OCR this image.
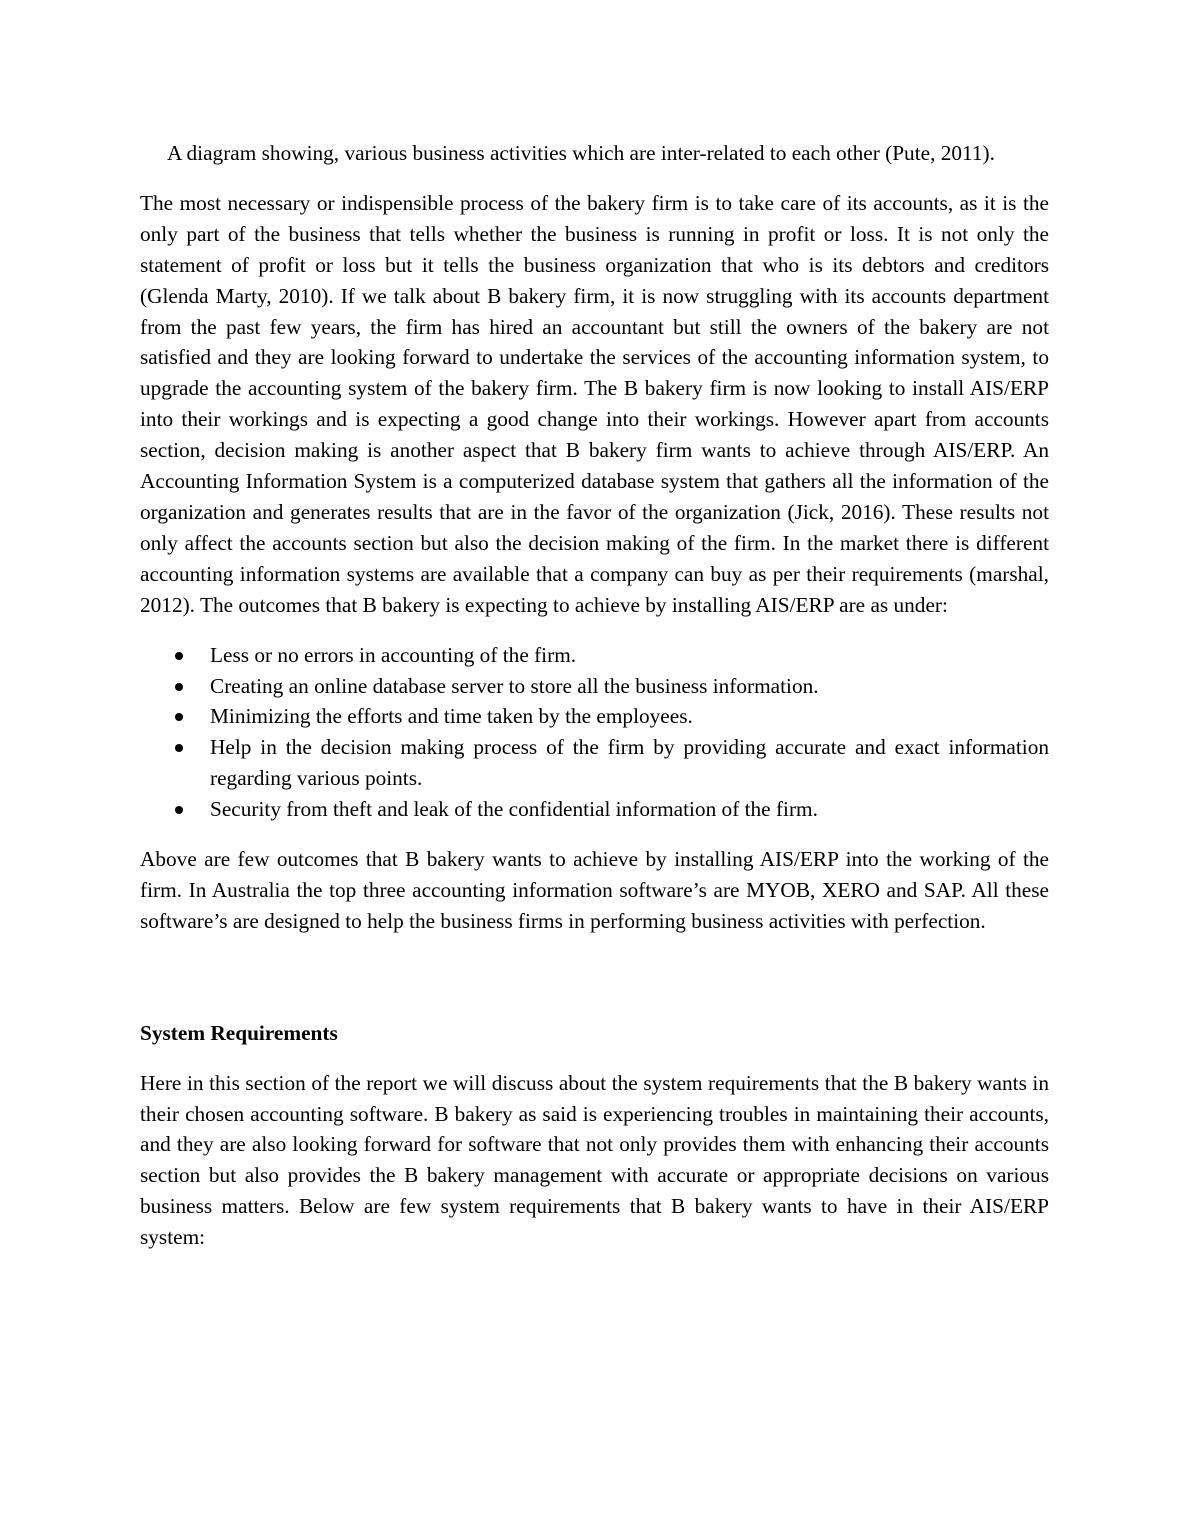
A diagram showing, various business activities which are inter-related to each other (Pute, 2011).

The most necessary or indispensible process of the bakery firm is to take care of its accounts, as it is the only part of the business that tells whether the business is running in profit or loss. It is not only the statement of profit or loss but it tells the business organization that who is its debtors and creditors (Glenda Marty, 2010). If we talk about B bakery firm, it is now struggling with its accounts department from the past few years, the firm has hired an accountant but still the owners of the bakery are not satisfied and they are looking forward to undertake the services of the accounting information system, to upgrade the accounting system of the bakery firm. The B bakery firm is now looking to install AIS/ERP into their workings and is expecting a good change into their workings. However apart from accounts section, decision making is another aspect that B bakery firm wants to achieve through AIS/ERP. An Accounting Information System is a computerized database system that gathers all the information of the organization and generates results that are in the favor of the organization (Jick, 2016). These results not only affect the accounts section but also the decision making of the firm. In the market there is different accounting information systems are available that a company can buy as per their requirements (marshal, 2012). The outcomes that B bakery is expecting to achieve by installing AIS/ERP are as under:

Less or no errors in accounting of the firm.
Creating an online database server to store all the business information.
Minimizing the efforts and time taken by the employees.
Help in the decision making process of the firm by providing accurate and exact information regarding various points.
Security from theft and leak of the confidential information of the firm.

Above are few outcomes that B bakery wants to achieve by installing AIS/ERP into the working of the firm. In Australia the top three accounting information software’s are MYOB, XERO and SAP. All these software’s are designed to help the business firms in performing business activities with perfection.

System Requirements

Here in this section of the report we will discuss about the system requirements that the B bakery wants in their chosen accounting software. B bakery as said is experiencing troubles in maintaining their accounts, and they are also looking forward for software that not only provides them with enhancing their accounts section but also provides the B bakery management with accurate or appropriate decisions on various business matters. Below are few system requirements that B bakery wants to have in their AIS/ERP system:
